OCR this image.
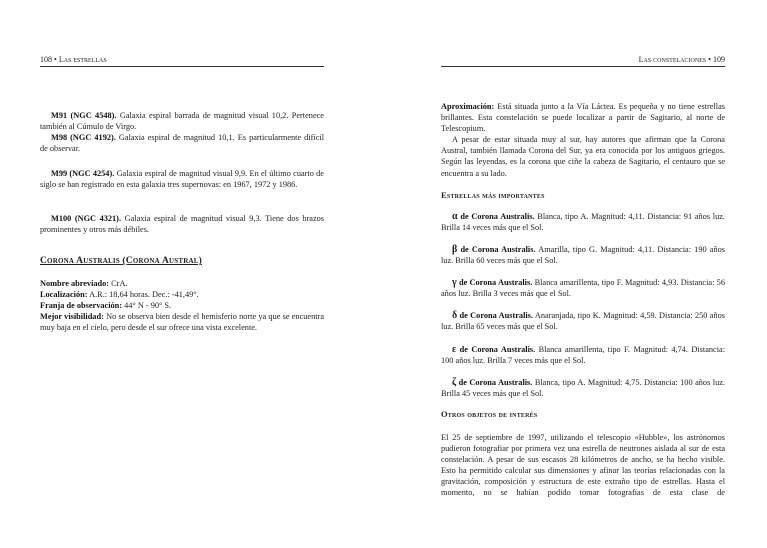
108 • Las estrellas

M91 (NGC 4548). Galaxia espiral barrada de magnitud visual 10,2. Pertenece también al Cúmulo de Virgo.

M98 (NGC 4192). Galaxia espiral de magnitud 10,1. Es particularmente difícil de observar.

M99 (NGC 4254). Galaxia espiral de magnitud visual 9,9. En el último cuarto de siglo se han registrado en esta galaxia tres supernovas: en 1967, 1972 y 1986.

M100 (NGC 4321). Galaxia espiral de magnitud visual 9,3. Tiene dos brazos prominentes y otros más débiles.

Corona Australis (Corona Austral)

Nombre abreviado: CrA.

Localización: A.R.: 18,64 horas. Dec.: -41,49°.

Franja de observación: 44° N - 90° S.

Mejor visibilidad: No se observa bien desde el hemisferio norte ya que se encuentra muy baja en el cielo, pero desde el sur ofrece una vista excelente.

Las constelaciones • 109

Aproximación: Está situada junto a la Vía Láctea. Es pequeña y no tiene estrellas brillantes. Esta constelación se puede localizar a partir de Sagitario, al norte de Telescopium.

A pesar de estar situada muy al sur, hay autores que afirman que la Corona Austral, también llamada Corona del Sur, ya era conocida por los antiguos griegos. Según las leyendas, es la corona que ciñe la cabeza de Sagitario, el centauro que se encuentra a su lado.

Estrellas más importantes

α de Corona Australis. Blanca, tipo A. Magnitud: 4,11. Distancia: 91 años luz. Brilla 14 veces más que el Sol.

β de Corona Australis. Amarilla, tipo G. Magnitud: 4,11. Distancia: 190 años luz. Brilla 60 veces más que el Sol.

γ de Corona Australis. Blanca amarillenta, tipo F. Magnitud: 4,93. Distancia: 56 años luz. Brilla 3 veces más que el Sol.

δ de Corona Australis. Anaranjada, tipo K. Magnitud: 4,59. Distancia: 250 años luz. Brilla 65 veces más que el Sol.

ε de Corona Australis. Blanca amarillenta, tipo F. Magnitud: 4,74. Distancia: 100 años luz. Brilla 7 veces más que el Sol.

ζ de Corona Australis. Blanca, tipo A. Magnitud: 4,75. Distancia: 100 años luz. Brilla 45 veces más que el Sol.

Otros objetos de interés

El 25 de septiembre de 1997, utilizando el telescopio «Hubble», los astrónomos pudieron fotografiar por primera vez una estrella de neutrones aislada al sur de esta constelación. A pesar de sus escasos 28 kilómetros de ancho, se ha hecho visible. Esto ha permitido calcular sus dimensiones y afinar las teorías relacionadas con la gravitación, composición y estructura de este extraño tipo de estrellas. Hasta el momento, no se habían podido tomar fotografías de esta clase de
